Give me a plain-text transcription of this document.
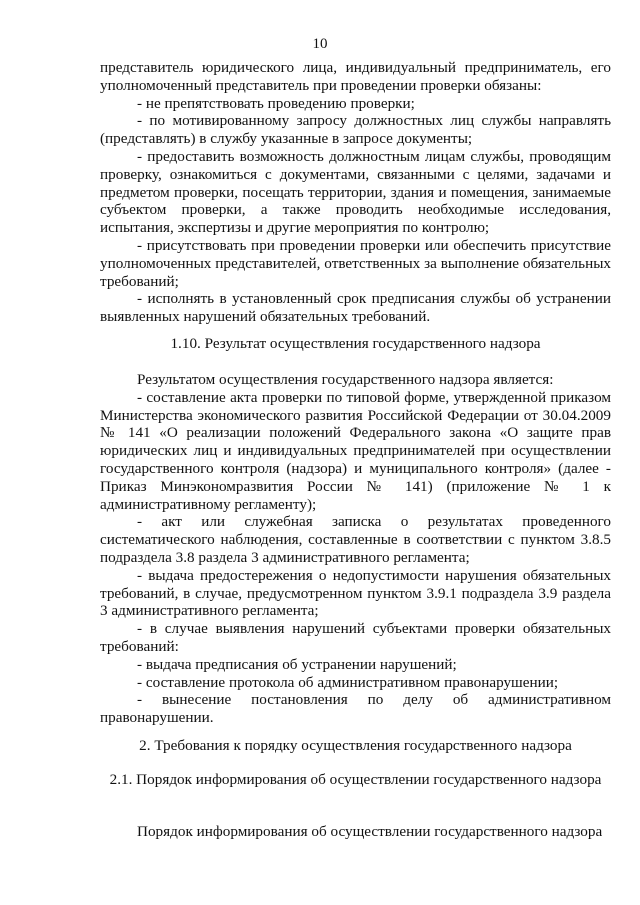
10

представитель юридического лица, индивидуальный предприниматель, его уполномоченный представитель при проведении проверки обязаны:

- не препятствовать проведению проверки;

- по мотивированному запросу должностных лиц службы направлять (представлять) в службу указанные в запросе документы;

- предоставить возможность должностным лицам службы, проводящим проверку, ознакомиться с документами, связанными с целями, задачами и предметом проверки, посещать территории, здания и помещения, занимаемые субъектом проверки, а также проводить необходимые исследования, испытания, экспертизы и другие мероприятия по контролю;

- присутствовать при проведении проверки или обеспечить присутствие уполномоченных представителей, ответственных за выполнение обязательных требований;

- исполнять в установленный срок предписания службы об устранении выявленных нарушений обязательных требований.

1.10. Результат осуществления государственного надзора

Результатом осуществления государственного надзора является:

- составление акта проверки по типовой форме, утвержденной приказом Министерства экономического развития Российской Федерации от 30.04.2009 № 141 «О реализации положений Федерального закона «О защите прав юридических лиц и индивидуальных предпринимателей при осуществлении государственного контроля (надзора) и муниципального контроля» (далее - Приказ Минэкономразвития России № 141) (приложение № 1 к административному регламенту);

- акт или служебная записка о результатах проведенного систематического наблюдения, составленные в соответствии с пунктом 3.8.5 подраздела 3.8 раздела 3 административного регламента;

- выдача предостережения о недопустимости нарушения обязательных требований, в случае, предусмотренном пунктом 3.9.1 подраздела 3.9 раздела 3 административного регламента;

- в случае выявления нарушений субъектами проверки обязательных требований:

- выдача предписания об устранении нарушений;

- составление протокола об административном правонарушении;

- вынесение постановления по делу об административном правонарушении.

2. Требования к порядку осуществления государственного надзора

2.1. Порядок информирования об осуществлении государственного надзора

Порядок информирования об осуществлении государственного надзора
